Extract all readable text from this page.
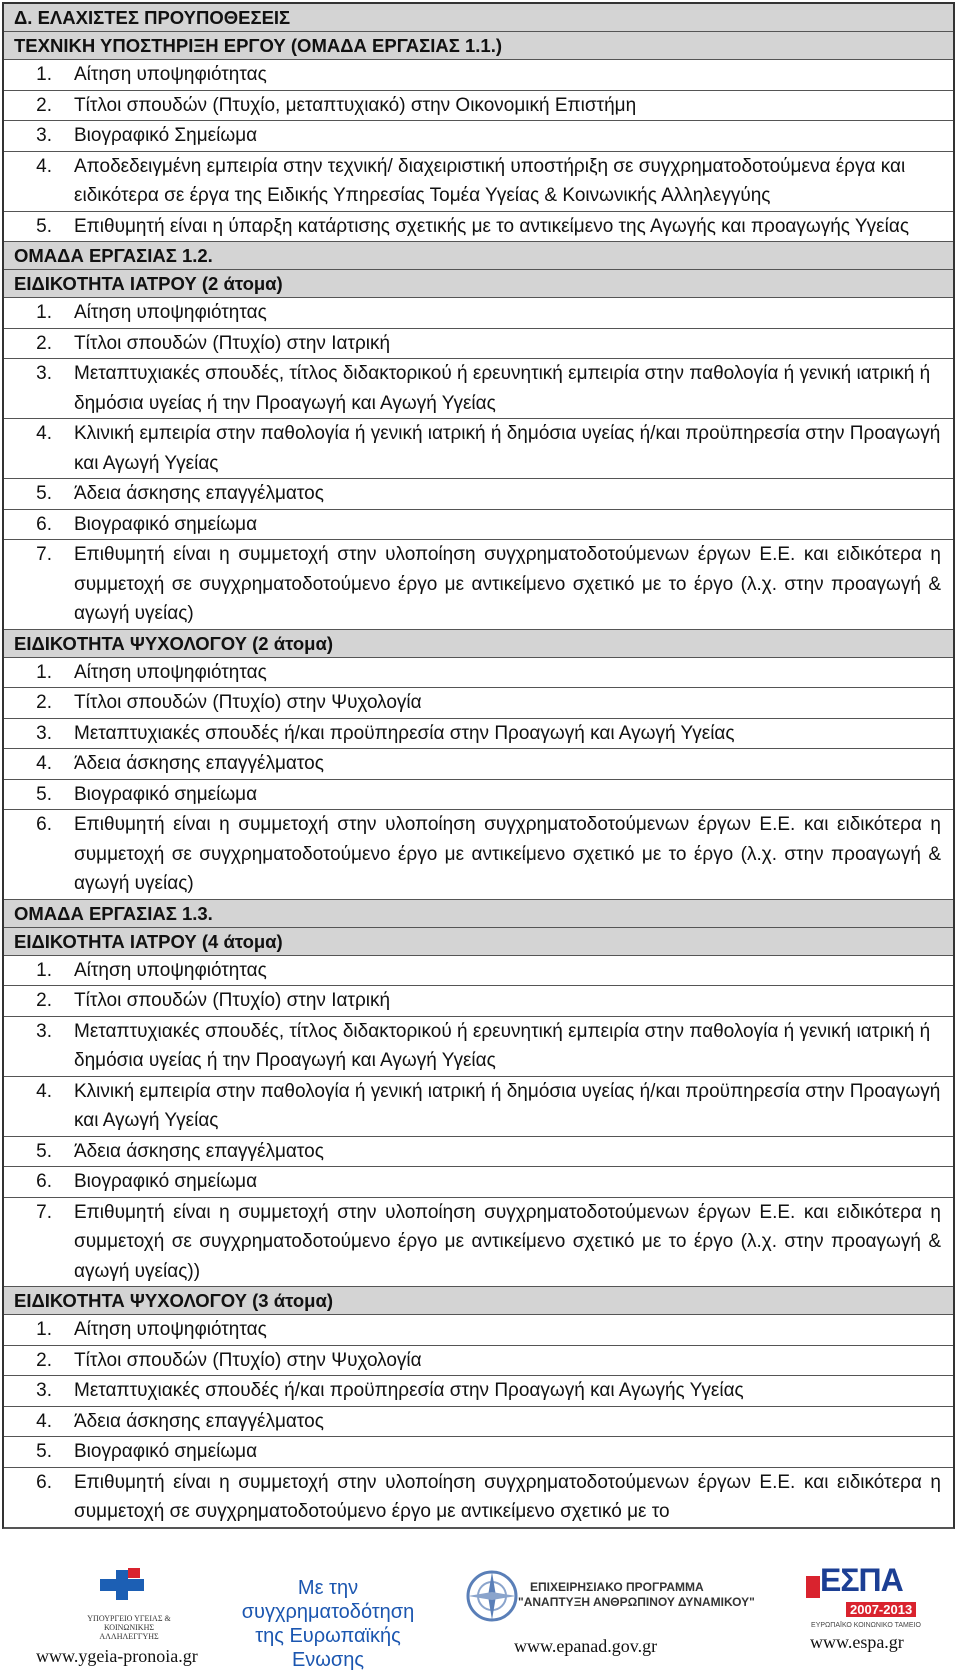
Δ. ΕΛΑΧΙΣΤΕΣ ΠΡΟΥΠΟΘΕΣΕΙΣ
ΤΕΧΝΙΚΗ ΥΠΟΣΤΗΡΙΞΗ ΕΡΓΟΥ (ΟΜΑΔΑ ΕΡΓΑΣΙΑΣ 1.1.)
1.	Αίτηση υποψηφιότητας
2.	Τίτλοι σπουδών (Πτυχίο, μεταπτυχιακό) στην Οικονομική Επιστήμη
3.	Βιογραφικό Σημείωμα
4.	Αποδεδειγμένη εμπειρία στην τεχνική/ διαχειριστική υποστήριξη σε συγχρηματοδοτούμενα έργα και ειδικότερα σε έργα της Ειδικής Υπηρεσίας Τομέα Υγείας & Κοινωνικής Αλληλεγγύης
5.	Επιθυμητή είναι η ύπαρξη κατάρτισης σχετικής με το αντικείμενο της Αγωγής και προαγωγής Υγείας
ΟΜΑΔΑ ΕΡΓΑΣΙΑΣ 1.2.
ΕΙΔΙΚΟΤΗΤΑ ΙΑΤΡΟΥ (2 άτομα)
1.	Αίτηση υποψηφιότητας
2.	Τίτλοι σπουδών (Πτυχίο) στην Ιατρική
3.	Μεταπτυχιακές σπουδές, τίτλος διδακτορικού ή ερευνητική εμπειρία στην παθολογία ή γενική ιατρική ή δημόσια υγείας ή την Προαγωγή και Αγωγή Υγείας
4.	Κλινική εμπειρία στην παθολογία ή γενική ιατρική ή δημόσια υγείας ή/και προϋπηρεσία στην Προαγωγή και Αγωγή Υγείας
5.	Άδεια άσκησης επαγγέλματος
6.	Βιογραφικό σημείωμα
7.	Επιθυμητή είναι η συμμετοχή στην υλοποίηση συγχρηματοδοτούμενων έργων Ε.Ε. και ειδικότερα η συμμετοχή σε συγχρηματοδοτούμενο έργο με αντικείμενο σχετικό με το έργο (λ.χ. στην προαγωγή & αγωγή υγείας)
ΕΙΔΙΚΟΤΗΤΑ ΨΥΧΟΛΟΓΟΥ (2 άτομα)
1.	Αίτηση υποψηφιότητας
2.	Τίτλοι σπουδών (Πτυχίο) στην Ψυχολογία
3.	Μεταπτυχιακές σπουδές ή/και προϋπηρεσία στην Προαγωγή και Αγωγή Υγείας
4.	Άδεια άσκησης επαγγέλματος
5.	Βιογραφικό σημείωμα
6.	Επιθυμητή είναι η συμμετοχή στην υλοποίηση συγχρηματοδοτούμενων έργων Ε.Ε. και ειδικότερα η συμμετοχή σε συγχρηματοδοτούμενο έργο με αντικείμενο σχετικό με το έργο (λ.χ. στην προαγωγή & αγωγή υγείας)
ΟΜΑΔΑ ΕΡΓΑΣΙΑΣ 1.3.
ΕΙΔΙΚΟΤΗΤΑ ΙΑΤΡΟΥ (4 άτομα)
1.	Αίτηση υποψηφιότητας
2.	Τίτλοι σπουδών (Πτυχίο) στην Ιατρική
3.	Μεταπτυχιακές σπουδές, τίτλος διδακτορικού ή ερευνητική εμπειρία στην παθολογία ή γενική ιατρική ή δημόσια υγείας ή την Προαγωγή και Αγωγή Υγείας
4.	Κλινική εμπειρία στην παθολογία ή γενική ιατρική ή δημόσια υγείας ή/και προϋπηρεσία στην Προαγωγή και Αγωγή Υγείας
5.	Άδεια άσκησης επαγγέλματος
6.	Βιογραφικό σημείωμα
7.	Επιθυμητή είναι η συμμετοχή στην υλοποίηση συγχρηματοδοτούμενων έργων Ε.Ε. και ειδικότερα η συμμετοχή σε συγχρηματοδοτούμενο έργο με αντικείμενο σχετικό με το έργο (λ.χ. στην προαγωγή & αγωγή υγείας))
ΕΙΔΙΚΟΤΗΤΑ ΨΥΧΟΛΟΓΟΥ (3 άτομα)
1.	Αίτηση υποψηφιότητας
2.	Τίτλοι σπουδών (Πτυχίο) στην Ψυχολογία
3.	Μεταπτυχιακές σπουδές ή/και προϋπηρεσία στην Προαγωγή και Αγωγής Υγείας
4.	Άδεια άσκησης επαγγέλματος
5.	Βιογραφικό σημείωμα
6.	Επιθυμητή είναι η συμμετοχή στην υλοποίηση συγχρηματοδοτούμενων έργων Ε.Ε. και ειδικότερα η συμμετοχή σε συγχρηματοδοτούμενο έργο με αντικείμενο σχετικό με το
ΥΠΟΥΡΓΕΙΟ ΥΓΕΙΑΣ & ΚΟΙΝΩΝΙΚΗΣ ΑΛΛΗΛΕΓΓΥΗΣ
www.ygeia-pronoia.gr
Με την συγχρηματοδότηση της Ευρωπαϊκής Ενωσης
ΕΠΙΧΕΙΡΗΣΙΑΚΟ ΠΡΟΓΡΑΜΜΑ
"ΑΝΑΠΤΥΞΗ ΑΝΘΡΩΠΙΝΟΥ ΔΥΝΑΜΙΚΟΥ"
www.epanad.gov.gr
ΕΣΠΑ
2007-2013
ΕΥΡΩΠΑΪΚΟ ΚΟΙΝΩΝΙΚΟ ΤΑΜΕΙΟ
www.espa.gr
